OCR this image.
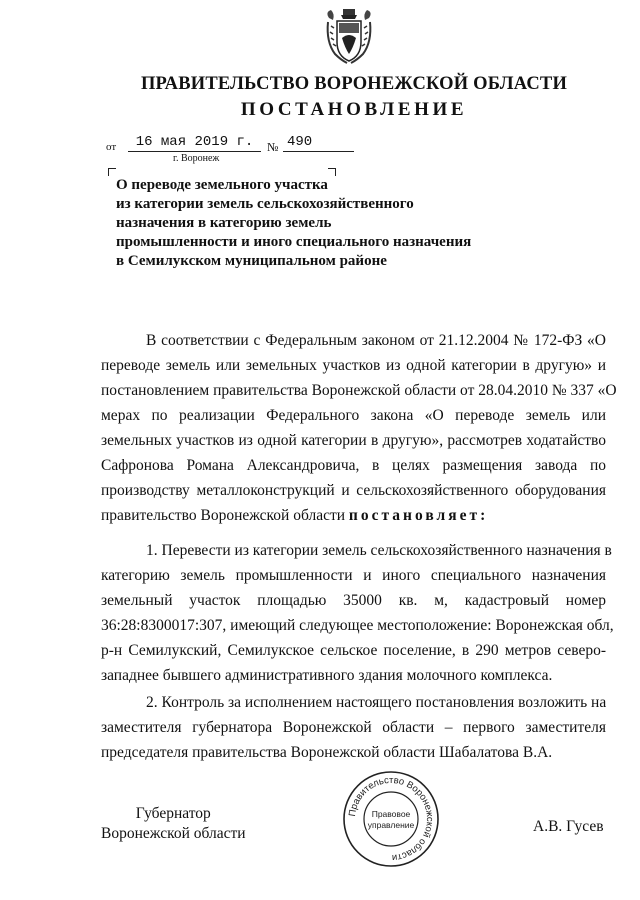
ПРАВИТЕЛЬСТВО ВОРОНЕЖСКОЙ ОБЛАСТИ
ПОСТАНОВЛЕНИЕ
от	16 мая 2019 г.	№ 490
г. Воронеж
О переводе земельного участка
из категории земель сельскохозяйственного
назначения в категорию земель
промышленности и иного специального назначения
в Семилукском муниципальном районе
В соответствии с Федеральным законом от 21.12.2004 № 172-ФЗ «О
переводе земель или земельных участков из одной категории в другую» и
постановлением правительства Воронежской области от 28.04.2010 № 337 «О
мерах по реализации Федерального закона «О переводе земель или
земельных участков из одной категории в другую», рассмотрев ходатайство
Сафронова Романа Александровича, в целях размещения завода по
производству металлоконструкций и сельскохозяйственного оборудования
правительство Воронежской области постановляет:
1. Перевести из категории земель сельскохозяйственного назначения в
категорию земель промышленности и иного специального назначения
земельный участок площадью 35000 кв. м, кадастровый номер
36:28:8300017:307, имеющий следующее местоположение: Воронежская обл,
р-н Семилукский, Семилукское сельское поселение, в 290 метров северо-
западнее бывшего административного здания молочного комплекса.
2. Контроль за исполнением настоящего постановления возложить на
заместителя губернатора Воронежской области – первого заместителя
председателя правительства Воронежской области Шабалатова В.А.
Губернатор
Воронежской области
Правительство Воронежской области
Правовое
управление	А.В. Гусев
